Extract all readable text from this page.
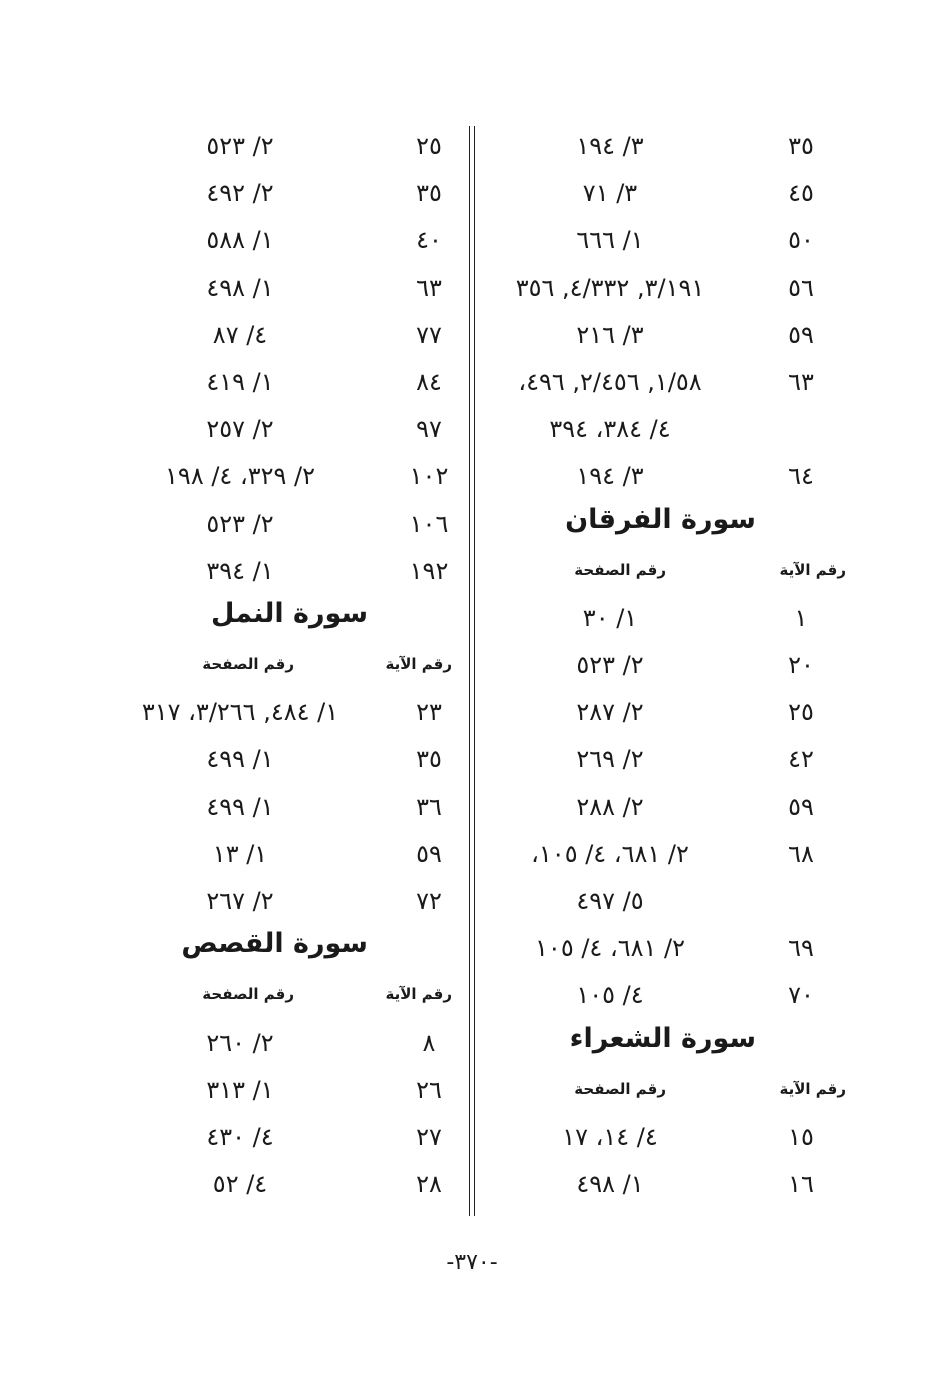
٣٥
٣/ ١٩٤
٤٥
٣/ ٧١
٥٠
١/ ٦٦٦
٥٦
٣/١٩١, ٤/٣٣٢, ٣٥٦
٥٩
٣/ ٢١٦
٦٣
١/٥٨, ٢/٤٥٦, ٤٩٦،
٤/ ٣٨٤، ٣٩٤
٦٤
٣/ ١٩٤
سورة الفرقان
رقم الآية
رقم الصفحة
١
١/ ٣٠
٢٠
٢/ ٥٢٣
٢٥
٢/ ٢٨٧
٤٢
٢/ ٢٦٩
٥٩
٢/ ٢٨٨
٦٨
٢/ ٦٨١، ٤/ ١٠٥،
٥/ ٤٩٧
٦٩
٢/ ٦٨١، ٤/ ١٠٥
٧٠
٤/ ١٠٥
سورة الشعراء
رقم الآية
رقم الصفحة
١٥
٤/ ١٤، ١٧
١٦
١/ ٤٩٨
٢٥
٢/ ٥٢٣
٣٥
٢/ ٤٩٢
٤٠
١/ ٥٨٨
٦٣
١/ ٤٩٨
٧٧
٤/ ٨٧
٨٤
١/ ٤١٩
٩٧
٢/ ٢٥٧
١٠٢
٢/ ٣٢٩، ٤/ ١٩٨
١٠٦
٢/ ٥٢٣
١٩٢
١/ ٣٩٤
سورة النمل
رقم الآية
رقم الصفحة
٢٣
١/ ٤٨٤, ٣/٢٦٦، ٣١٧
٣٥
١/ ٤٩٩
٣٦
١/ ٤٩٩
٥٩
١/ ١٣
٧٢
٢/ ٢٦٧
سورة القصص
رقم الآية
رقم الصفحة
٨
٢/ ٢٦٠
٢٦
١/ ٣١٣
٢٧
٤/ ٤٣٠
٢٨
٤/ ٥٢
-٣٧٠-
